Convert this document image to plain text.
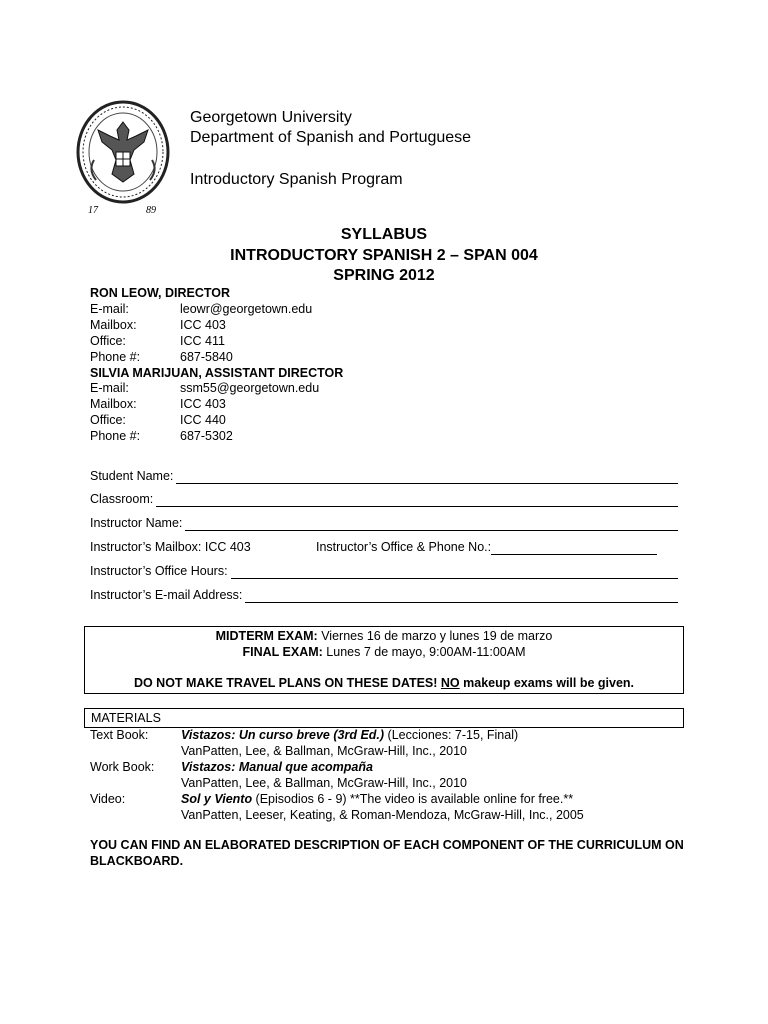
17	89
Georgetown University
Department of Spanish and Portuguese
Introductory Spanish Program
SYLLABUS
INTRODUCTORY SPANISH 2 – SPAN 004
SPRING 2012
RON LEOW, DIRECTOR
E-mail:	leowr@georgetown.edu
Mailbox:	ICC 403
Office:	ICC 411
Phone #:	687-5840
SILVIA MARIJUAN, ASSISTANT DIRECTOR
E-mail:	ssm55@georgetown.edu
Mailbox:	ICC 403
Office:	ICC 440
Phone #:	687-5302
Student Name:
Classroom:
Instructor Name:
Instructor’s Mailbox: ICC 403	Instructor’s Office & Phone No.:
Instructor’s Office Hours:
Instructor’s E-mail Address:
MIDTERM EXAM: Viernes 16 de marzo y lunes 19 de marzo
FINAL EXAM: Lunes 7 de mayo, 9:00AM-11:00AM
DO NOT MAKE TRAVEL PLANS ON THESE DATES! NO makeup exams will be given.
MATERIALS
Text Book:	Vistazos: Un curso breve (3rd Ed.) (Lecciones: 7-15, Final)
VanPatten, Lee, & Ballman, McGraw-Hill, Inc., 2010
Work Book: Vistazos: Manual que acompaña
VanPatten, Lee, & Ballman, McGraw-Hill, Inc., 2010
Video:	Sol y Viento (Episodios 6 - 9) **The video is available online for free.**
VanPatten, Leeser, Keating, & Roman-Mendoza, McGraw-Hill, Inc., 2005
YOU CAN FIND AN ELABORATED DESCRIPTION OF EACH COMPONENT OF THE CURRICULUM ON BLACKBOARD.
